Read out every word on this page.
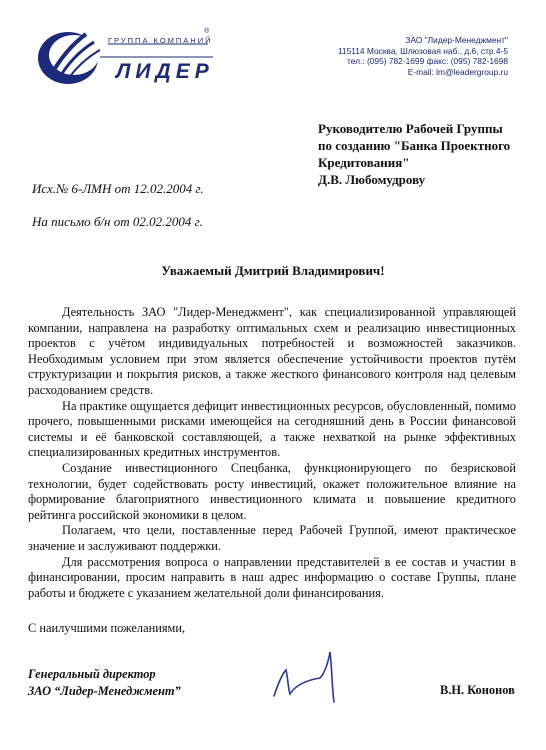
ГРУППА КОМПАНИЙ
®
ЛИДЕР
ЗАО "Лидер-Менеджмент"
115114 Москва, Шлюзовая наб., д.6, стр.4-5
тел.: (095) 782-1699 факс: (095) 782-1698
E-mail: lm@leadergroup.ru
Руководителю Рабочей Группы
по созданию "Банка Проектного
Кредитования"
Д.В. Любомудрову
Исх.№ 6-ЛМН от 12.02.2004 г.
На письмо б/н от 02.02.2004 г.
Уважаемый Дмитрий Владимирович!

Деятельность ЗАО "Лидер-Менеджмент", как специализированной управляющей компании, направлена на разработку оптимальных схем и реализацию инвестиционных проектов с учётом индивидуальных потребностей и возможностей заказчиков. Необходимым условием при этом является обеспечение устойчивости проектов путём структуризации и покрытия рисков, а также жесткого финансового контроля над целевым расходованием средств.

На практике ощущается дефицит инвестиционных ресурсов, обусловленный, помимо прочего, повышенными рисками имеющейся на сегодняшний день в России финансовой системы и её банковской составляющей, а также нехваткой на рынке эффективных специализированных кредитных инструментов.

Создание инвестиционного Спецбанка, функционирующего по безрисковой технологии, будет содействовать росту инвестиций, окажет положительное влияние на формирование благоприятного инвестиционного климата и повышение кредитного рейтинга российской экономики в целом.

Полагаем, что цели, поставленные перед Рабочей Группой, имеют практическое значение и заслуживают поддержки.

Для рассмотрения вопроса о направлении представителей в ее состав и участии в финансировании, просим направить в наш адрес информацию о составе Группы, плане работы и бюджете с указанием желательной доли финансирования.

С наилучшими пожеланиями,
Генеральный директор
ЗАО “Лидер-Менеджмент”	В.Н. Кононов
